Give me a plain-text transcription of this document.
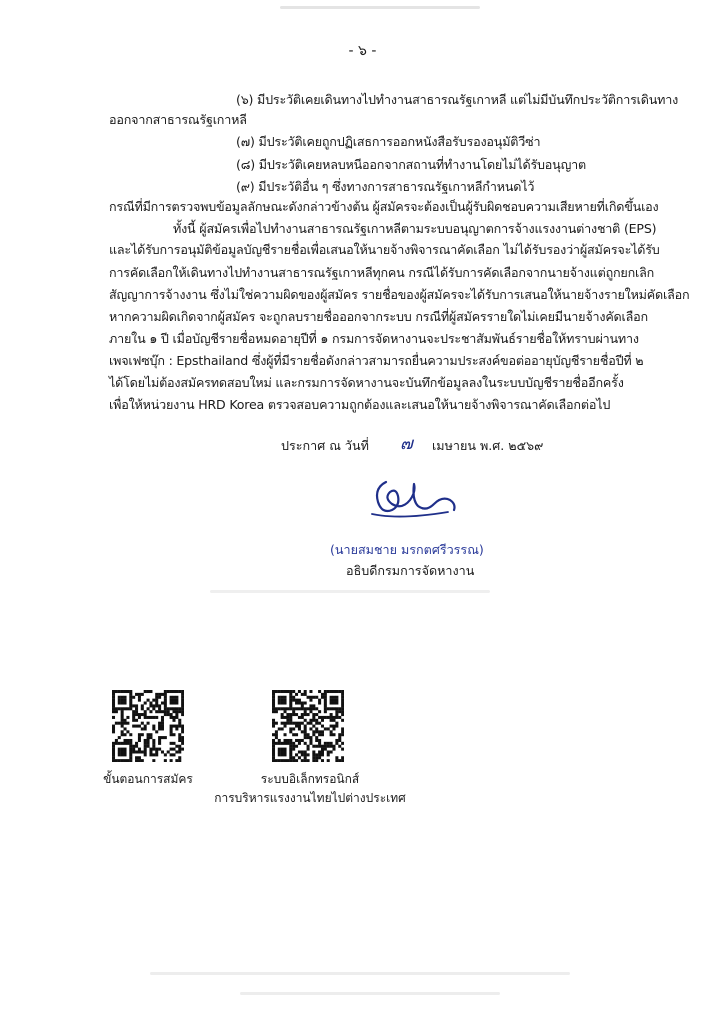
- ๖ -
(๖) มีประวัติเคยเดินทางไปทำงานสาธารณรัฐเกาหลี แต่ไม่มีบันทึกประวัติการเดินทาง
ออกจากสาธารณรัฐเกาหลี
(๗) มีประวัติเคยถูกปฏิเสธการออกหนังสือรับรองอนุมัติวีซ่า
(๘) มีประวัติเคยหลบหนีออกจากสถานที่ทำงานโดยไม่ได้รับอนุญาต
(๙) มีประวัติอื่น ๆ ซึ่งทางการสาธารณรัฐเกาหลีกำหนดไว้
กรณีที่มีการตรวจพบข้อมูลลักษณะดังกล่าวข้างต้น ผู้สมัครจะต้องเป็นผู้รับผิดชอบความเสียหายที่เกิดขึ้นเอง
ทั้งนี้ ผู้สมัครเพื่อไปทำงานสาธารณรัฐเกาหลีตามระบบอนุญาตการจ้างแรงงานต่างชาติ (EPS)
และได้รับการอนุมัติข้อมูลบัญชีรายชื่อเพื่อเสนอให้นายจ้างพิจารณาคัดเลือก ไม่ได้รับรองว่าผู้สมัครจะได้รับ
การคัดเลือกให้เดินทางไปทำงานสาธารณรัฐเกาหลีทุกคน กรณีได้รับการคัดเลือกจากนายจ้างแต่ถูกยกเลิก
สัญญาการจ้างงาน ซึ่งไม่ใช่ความผิดของผู้สมัคร รายชื่อของผู้สมัครจะได้รับการเสนอให้นายจ้างรายใหม่คัดเลือก
หากความผิดเกิดจากผู้สมัคร จะถูกลบรายชื่อออกจากระบบ กรณีที่ผู้สมัครรายใดไม่เคยมีนายจ้างคัดเลือก
ภายใน ๑ ปี เมื่อบัญชีรายชื่อหมดอายุปีที่ ๑ กรมการจัดหางานจะประชาสัมพันธ์รายชื่อให้ทราบผ่านทาง
เพจเฟซบุ๊ก : Epsthailand ซึ่งผู้ที่มีรายชื่อดังกล่าวสามารถยื่นความประสงค์ขอต่ออายุบัญชีรายชื่อปีที่ ๒
ได้โดยไม่ต้องสมัครทดสอบใหม่ และกรมการจัดหางานจะบันทึกข้อมูลลงในระบบบัญชีรายชื่ออีกครั้ง
เพื่อให้หน่วยงาน HRD Korea ตรวจสอบความถูกต้องและเสนอให้นายจ้างพิจารณาคัดเลือกต่อไป
ประกาศ ณ วันที่ ๗ เมษายน พ.ศ. ๒๕๖๙
(นายสมชาย มรกตศรีวรรณ)
อธิบดีกรมการจัดหางาน
ขั้นตอนการสมัคร	ระบบอิเล็กทรอนิกส์
การบริหารแรงงานไทยไปต่างประเทศ
